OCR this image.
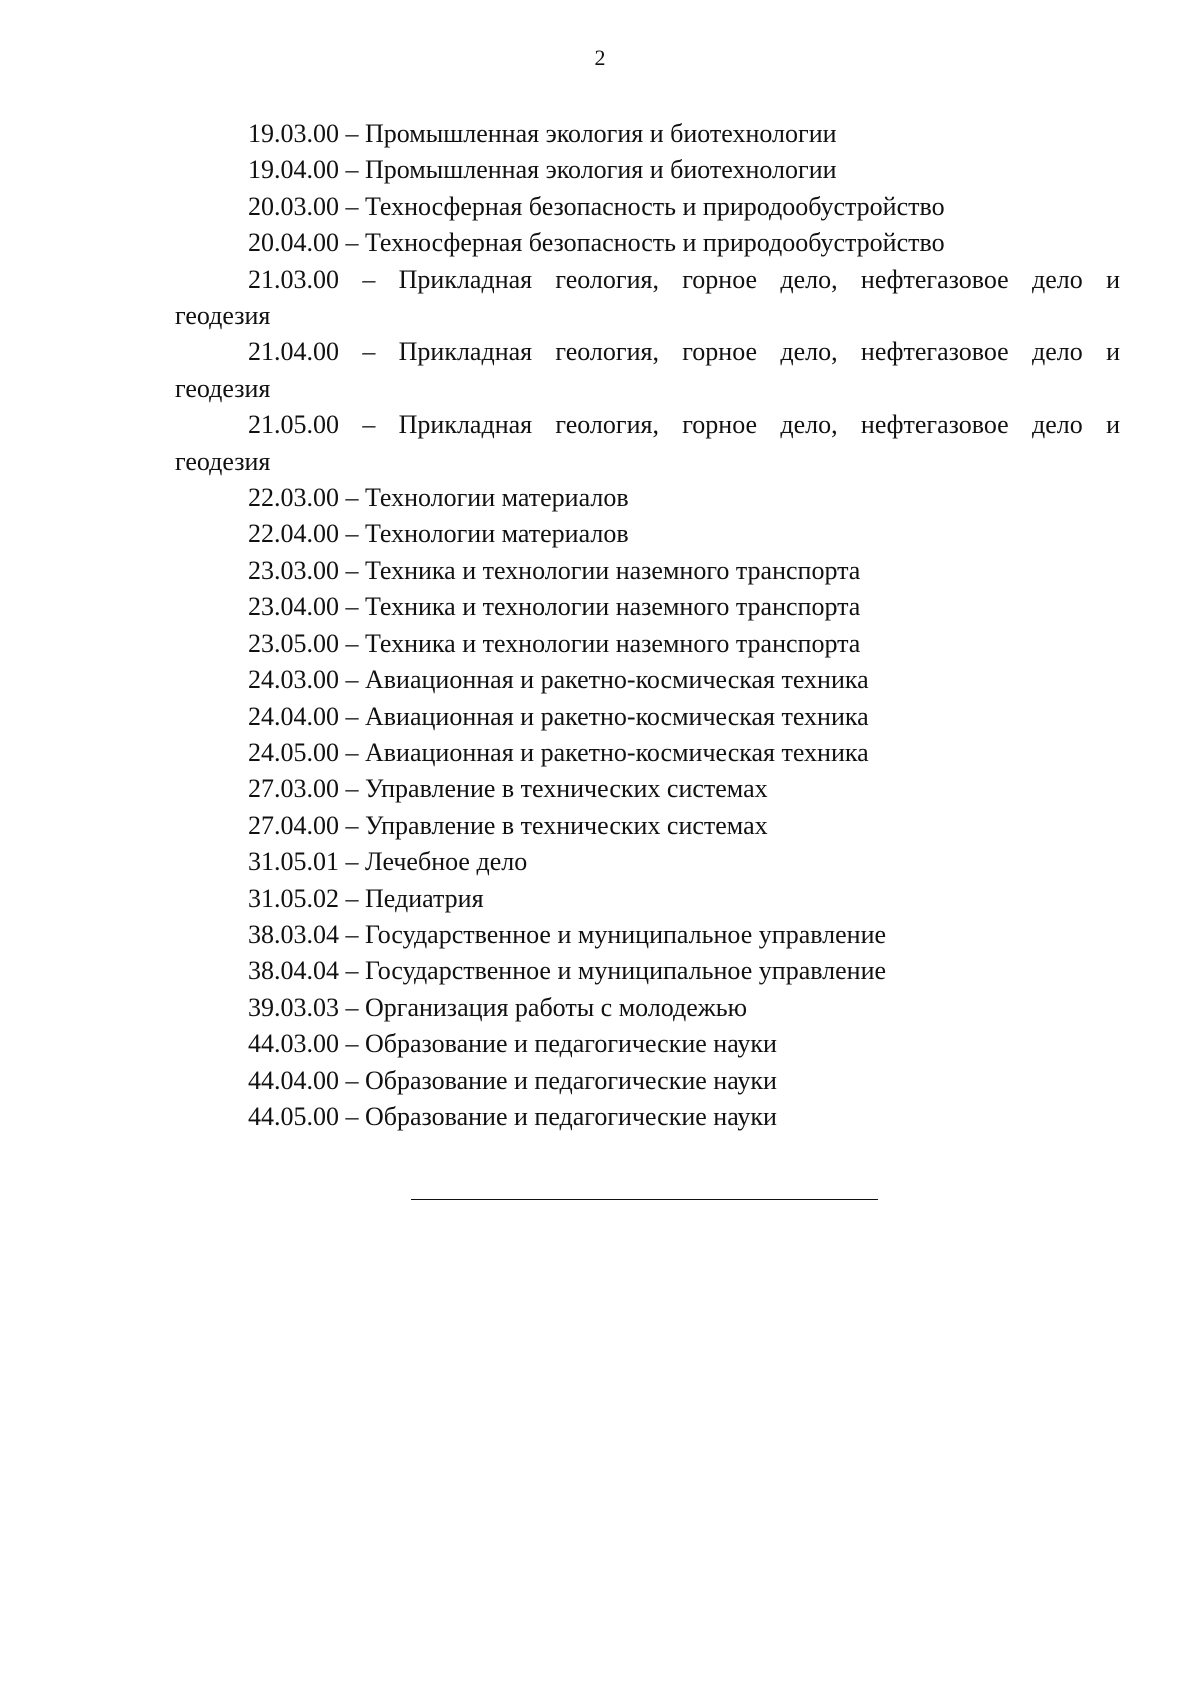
2

19.03.00 – Промышленная экология и биотехнологии

19.04.00 – Промышленная экология и биотехнологии

20.03.00 – Техносферная безопасность и природообустройство

20.04.00 – Техносферная безопасность и природообустройство

21.03.00 – Прикладная геология, горное дело, нефтегазовое дело и геодезия

21.04.00 – Прикладная геология, горное дело, нефтегазовое дело и геодезия

21.05.00 – Прикладная геология, горное дело, нефтегазовое дело и геодезия

22.03.00 – Технологии материалов

22.04.00 – Технологии материалов

23.03.00 – Техника и технологии наземного транспорта

23.04.00 – Техника и технологии наземного транспорта

23.05.00 – Техника и технологии наземного транспорта

24.03.00 – Авиационная и ракетно-космическая техника

24.04.00 – Авиационная и ракетно-космическая техника

24.05.00 – Авиационная и ракетно-космическая техника

27.03.00 – Управление в технических системах

27.04.00 – Управление в технических системах

31.05.01 – Лечебное дело

31.05.02 – Педиатрия

38.03.04 – Государственное и муниципальное управление

38.04.04 – Государственное и муниципальное управление

39.03.03 – Организация работы с молодежью

44.03.00 – Образование и педагогические науки

44.04.00 – Образование и педагогические науки

44.05.00 – Образование и педагогические науки
